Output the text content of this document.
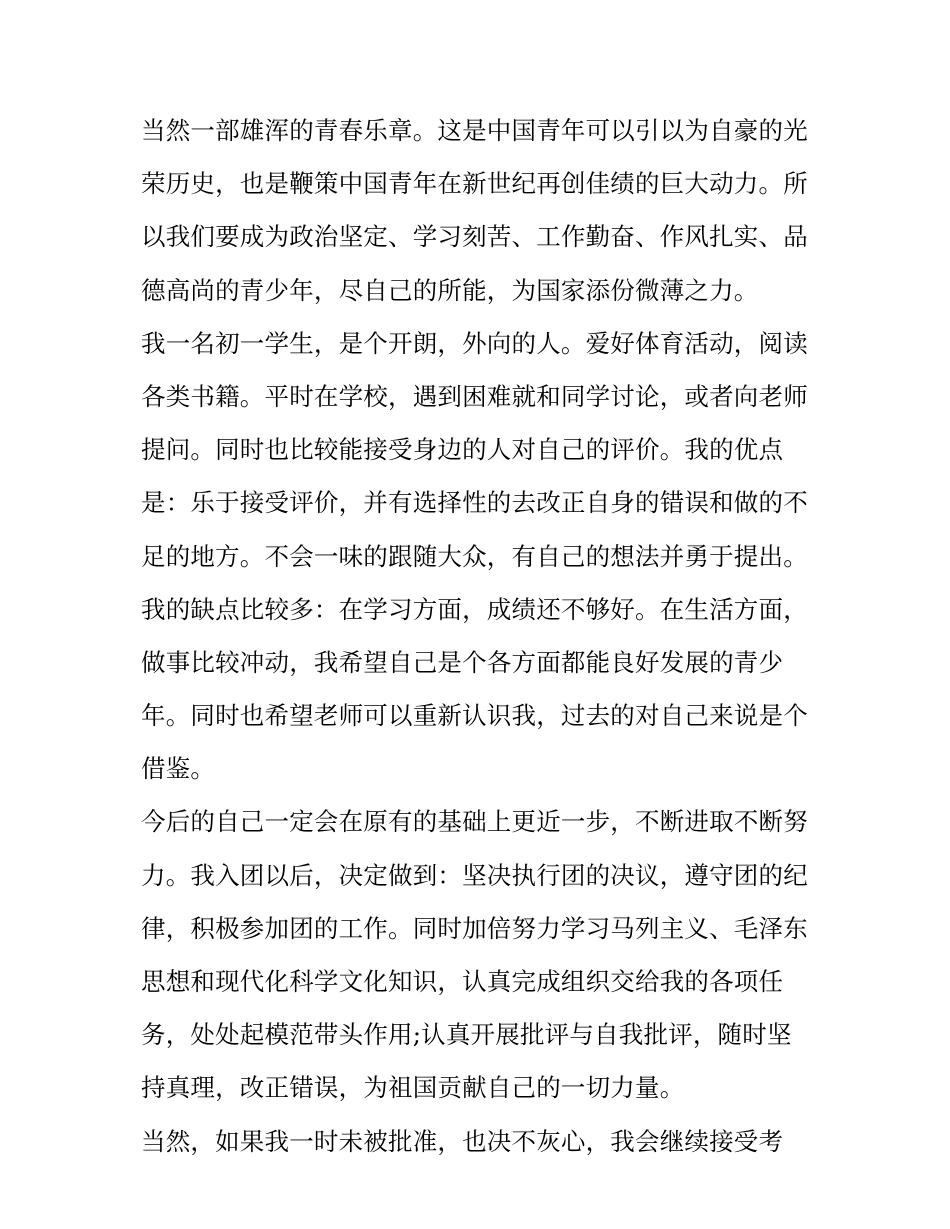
当然一部雄浑的青春乐章。这是中国青年可以引以为自豪的光
荣历史，也是鞭策中国青年在新世纪再创佳绩的巨大动力。所
以我们要成为政治坚定、学习刻苦、工作勤奋、作风扎实、品
德高尚的青少年，尽自己的所能，为国家添份微薄之力。
我一名初一学生，是个开朗，外向的人。爱好体育活动，阅读
各类书籍。平时在学校，遇到困难就和同学讨论，或者向老师
提问。同时也比较能接受身边的人对自己的评价。我的优点
是：乐于接受评价，并有选择性的去改正自身的错误和做的不
足的地方。不会一味的跟随大众，有自己的想法并勇于提出。
我的缺点比较多：在学习方面，成绩还不够好。在生活方面，
做事比较冲动，我希望自己是个各方面都能良好发展的青少
年。同时也希望老师可以重新认识我，过去的对自己来说是个
借鉴。
今后的自己一定会在原有的基础上更近一步，不断进取不断努
力。我入团以后，决定做到：坚决执行团的决议，遵守团的纪
律，积极参加团的工作。同时加倍努力学习马列主义、毛泽东
思想和现代化科学文化知识，认真完成组织交给我的各项任
务，处处起模范带头作用;认真开展批评与自我批评，随时坚
持真理，改正错误，为祖国贡献自己的一切力量。
当然，如果我一时未被批准，也决不灰心，我会继续接受考
